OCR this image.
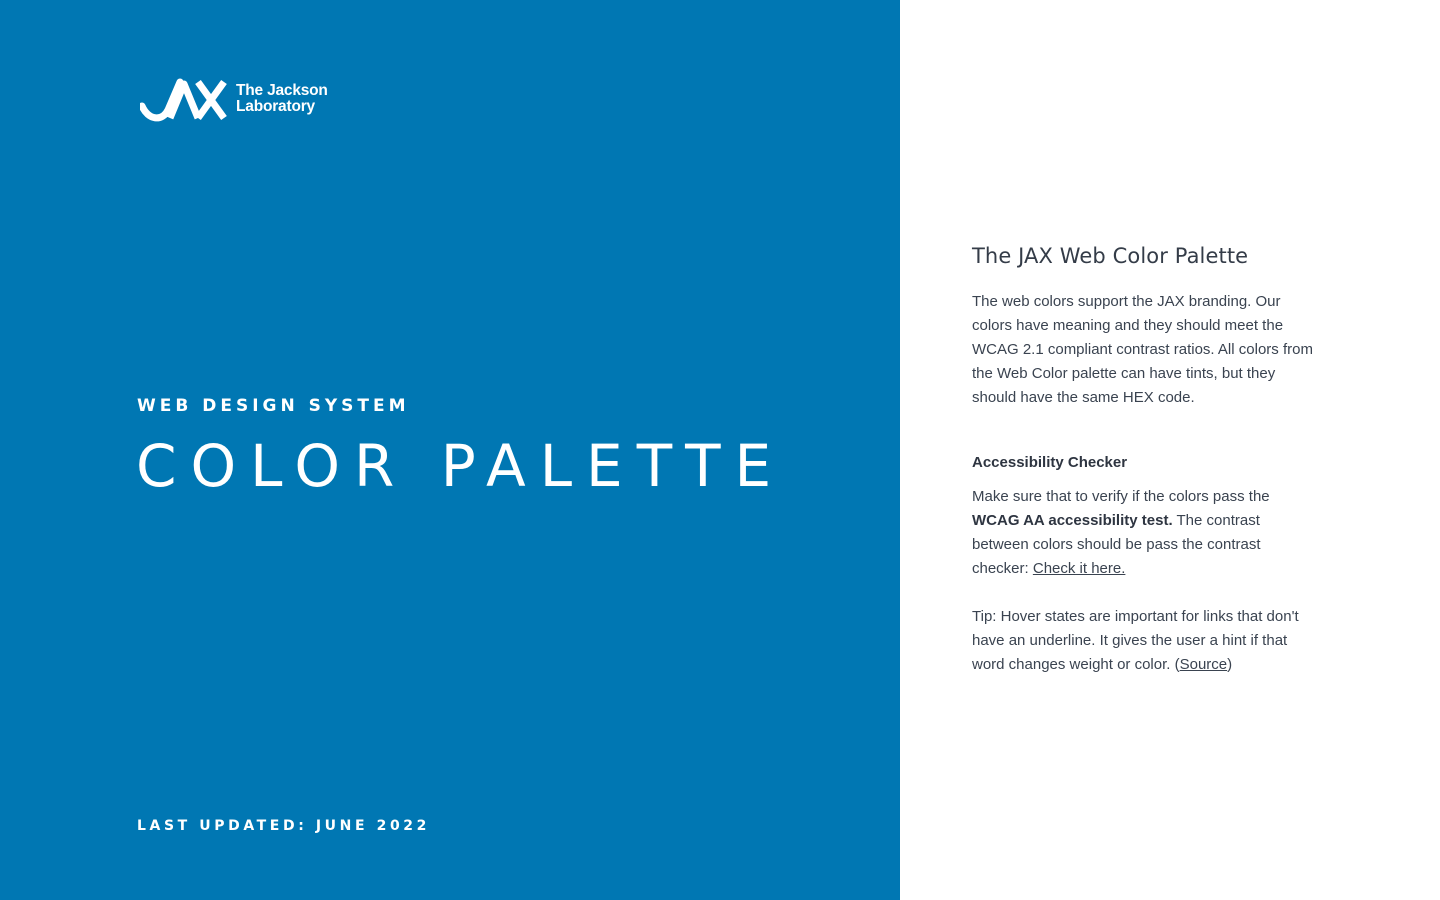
The Jackson
Laboratory
WEB DESIGN SYSTEM
COLOR PALETTE
LAST UPDATED: JUNE 2022
The JAX Web Color Palette

The web colors support the JAX branding. Our colors have meaning and they should meet the WCAG 2.1 compliant contrast ratios. All colors from the Web Color palette can have tints, but they should have the same HEX code.

Accessibility Checker

Make sure that to verify if the colors pass the WCAG AA accessibility test. The contrast between colors should be pass the contrast checker: Check it here.

Tip: Hover states are important for links that don't have an underline. It gives the user a hint if that word changes weight or color. (Source)
